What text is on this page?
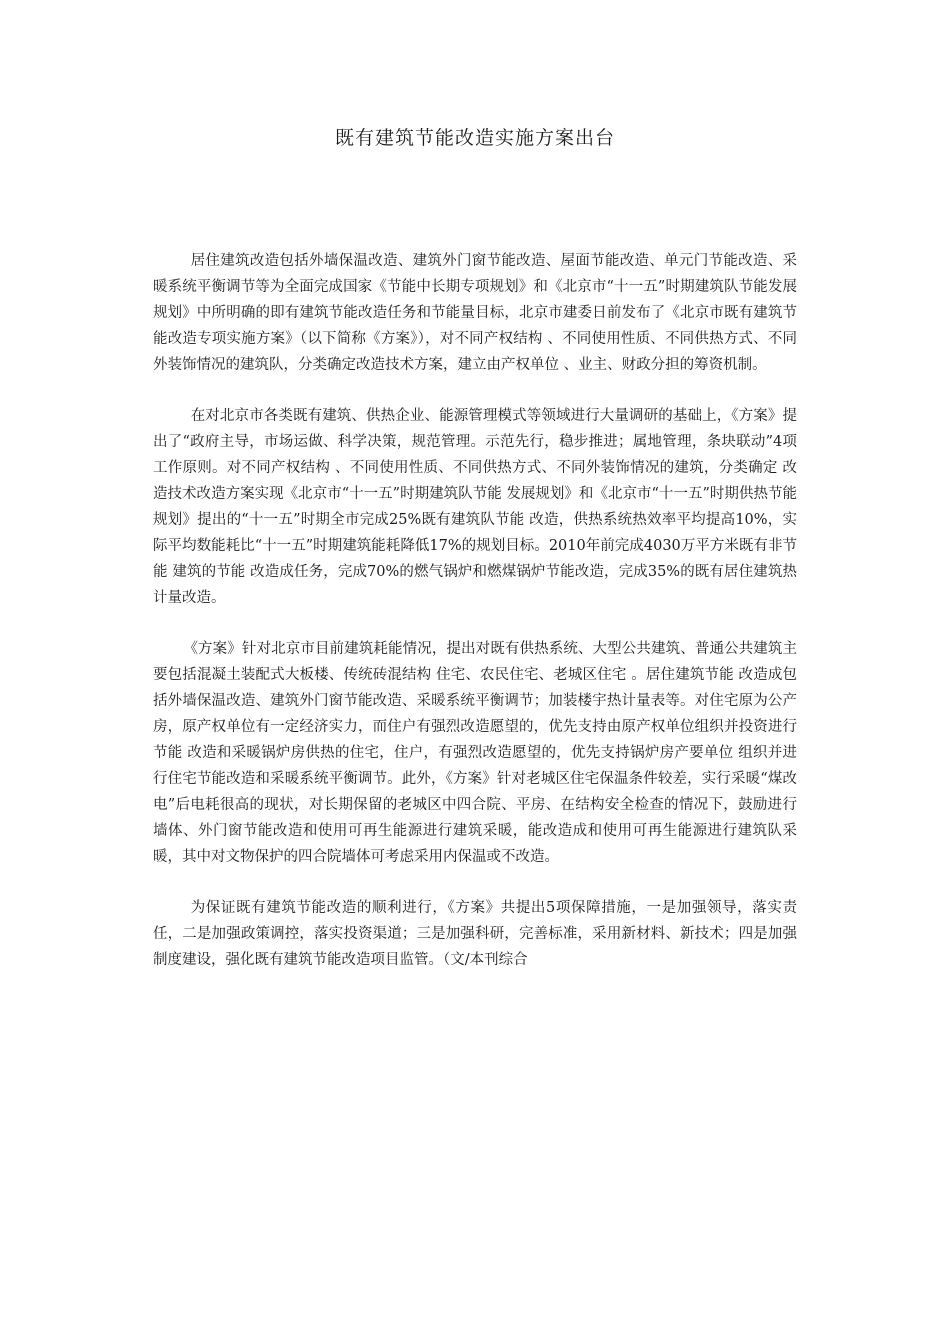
既有建筑节能改造实施方案出台

居住建筑改造包括外墙保温改造、建筑外门窗节能改造、屋面节能改造、单元门节能改造、采暖系统平衡调节等为全面完成国家《节能中长期专项规划》和《北京市“十一五”时期建筑队节能发展规划》中所明确的即有建筑节能改造任务和节能量目标，北京市建委日前发布了《北京市既有建筑节能改造专项实施方案》（以下简称《方案》），对不同产权结构 、不同使用性质、不同供热方式、不同外装饰情况的建筑队，分类确定改造技术方案，建立由产权单位 、业主、财政分担的筹资机制。

在对北京市各类既有建筑、供热企业、能源管理模式等领域进行大量调研的基础上，《方案》提出了“政府主导，市场运做、科学决策，规范管理。示范先行，稳步推进；属地管理，条块联动”4项工作原则。对不同产权结构 、不同使用性质、不同供热方式、不同外装饰情况的建筑，分类确定 改造技术改造方案实现《北京市“十一五”时期建筑队节能 发展规划》和《北京市“十一五”时期供热节能规划》提出的“十一五”时期全市完成25%既有建筑队节能 改造，供热系统热效率平均提高10%，实际平均数能耗比“十一五”时期建筑能耗降低17%的规划目标。2010年前完成4030万平方米既有非节能 建筑的节能 改造成任务，完成70%的燃气锅炉和燃煤锅炉节能改造，完成35%的既有居住建筑热计量改造。

《方案》针对北京市目前建筑耗能情况，提出对既有供热系统、大型公共建筑、普通公共建筑主要包括混凝土装配式大板楼、传统砖混结构 住宅、农民住宅、老城区住宅 。居住建筑节能 改造成包括外墙保温改造、建筑外门窗节能改造、采暖系统平衡调节；加装楼宇热计量表等。对住宅原为公产房，原产权单位有一定经济实力，而住户有强烈改造愿望的，优先支持由原产权单位组织并投资进行节能 改造和采暖锅炉房供热的住宅，住户，有强烈改造愿望的，优先支持锅炉房产要单位 组织并进行住宅节能改造和采暖系统平衡调节。此外，《方案》针对老城区住宅保温条件较差，实行采暖“煤改电”后电耗很高的现状，对长期保留的老城区中四合院、平房、在结构安全检查的情况下，鼓励进行墙体、外门窗节能改造和使用可再生能源进行建筑采暖，能改造成和使用可再生能源进行建筑队采暖，其中对文物保护的四合院墙体可考虑采用内保温或不改造。

为保证既有建筑节能改造的顺利进行，《方案》共提出5项保障措施，一是加强领导，落实责任，二是加强政策调控，落实投资渠道；三是加强科研，完善标准，采用新材料、新技术；四是加强制度建设，强化既有建筑节能改造项目监管。（文/本刊综合
